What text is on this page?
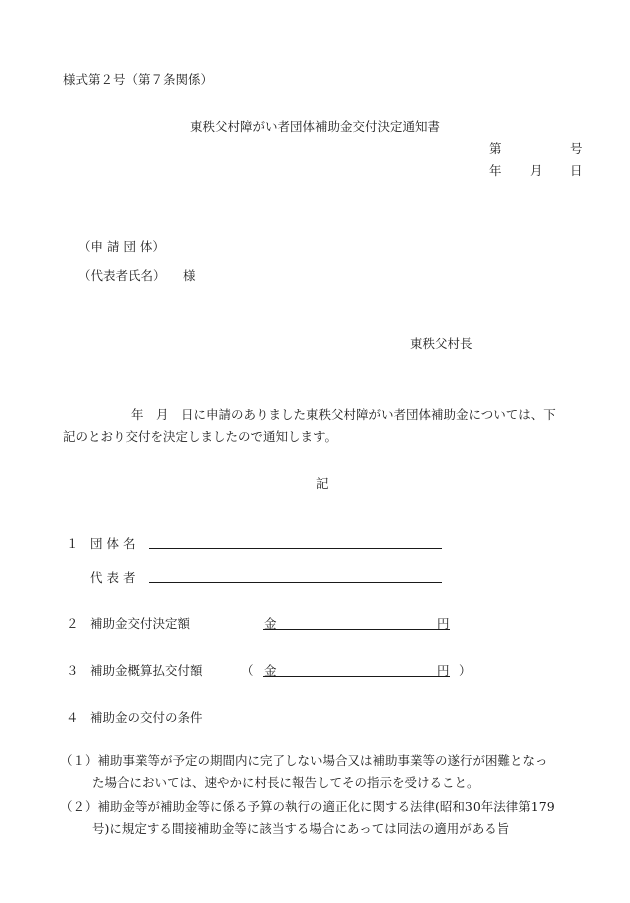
様式第２号（第７条関係）
東秩父村障がい者団体補助金交付決定通知書
第	号
年 月 日
（申 請 団 体）
（代表者氏名） 様
東秩父村長

年　月　日に申請のありました東秩父村障がい者団体補助金については、下

記のとおり交付を決定しましたので通知します。

記
１ 団 体 名
代 表 者
２ 補助金交付決定額	金	円
３ 補助金概算払交付額	（ 金	円 ）
４ 補助金の交付の条件
（１）補助事業等が予定の期間内に完了しない場合又は補助事業等の遂行が困難となっ
た場合においては、速やかに村長に報告してその指示を受けること。
（２）補助金等が補助金等に係る予算の執行の適正化に関する法律(昭和30年法律第179
号)に規定する間接補助金等に該当する場合にあっては同法の適用がある旨
